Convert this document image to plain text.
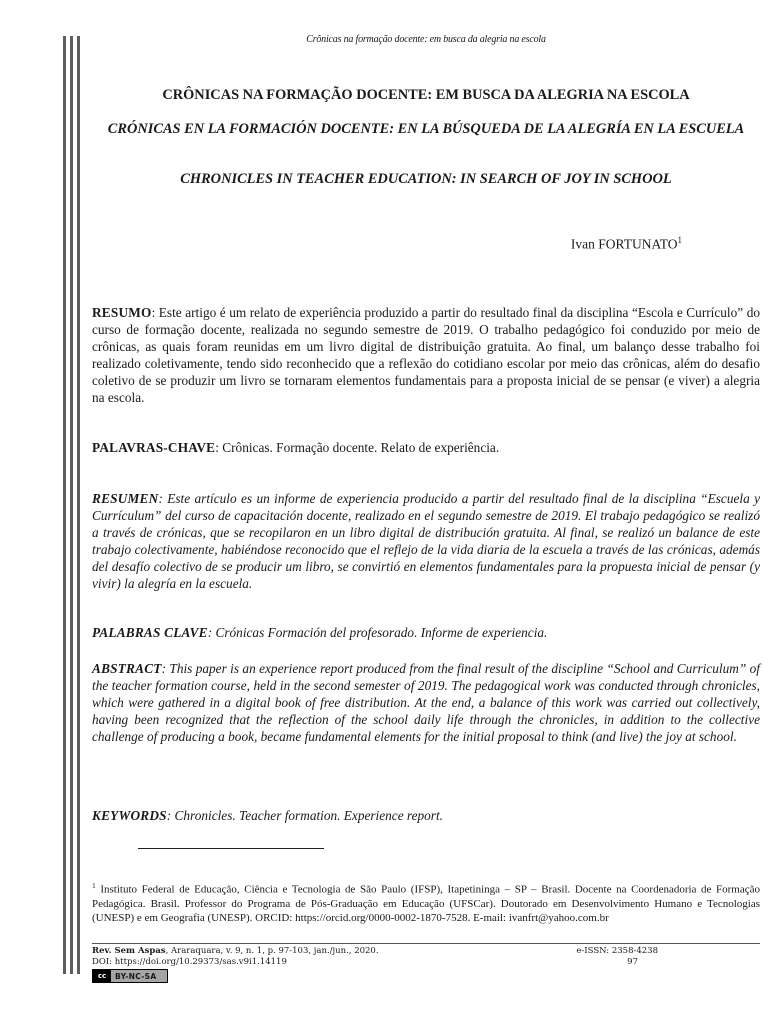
Crônicas na formação docente: em busca da alegria na escola
CRÔNICAS NA FORMAÇÃO DOCENTE: EM BUSCA DA ALEGRIA NA ESCOLA
CRÓNICAS EN LA FORMACIÓN DOCENTE: EN LA BÚSQUEDA DE LA ALEGRÍA EN LA ESCUELA
CHRONICLES IN TEACHER EDUCATION: IN SEARCH OF JOY IN SCHOOL
Ivan FORTUNATO$^1$
RESUMO: Este artigo é um relato de experiência produzido a partir do resultado final da disciplina “Escola e Currículo” do curso de formação docente, realizada no segundo semestre de 2019. O trabalho pedagógico foi conduzido por meio de crônicas, as quais foram reunidas em um livro digital de distribuição gratuita. Ao final, um balanço desse trabalho foi realizado coletivamente, tendo sido reconhecido que a reflexão do cotidiano escolar por meio das crônicas, além do desafio coletivo de se produzir um livro se tornaram elementos fundamentais para a proposta inicial de se pensar (e viver) a alegria na escola.
PALAVRAS-CHAVE: Crônicas. Formação docente. Relato de experiência.
RESUMEN: Este artículo es un informe de experiencia producido a partir del resultado final de la disciplina “Escuela y Currículum” del curso de capacitación docente, realizado en el segundo semestre de 2019. El trabajo pedagógico se realizó a través de crónicas, que se recopilaron en un libro digital de distribución gratuita. Al final, se realizó un balance de este trabajo colectivamente, habiéndose reconocido que el reflejo de la vida diaria de la escuela a través de las crónicas, además del desafío colectivo de se producir um libro, se convirtió en elementos fundamentales para la propuesta inicial de pensar (y vivir) la alegría en la escuela.
PALABRAS CLAVE: Crónicas Formación del profesorado. Informe de experiencia.
ABSTRACT: This paper is an experience report produced from the final result of the discipline “School and Curriculum” of the teacher formation course, held in the second semester of 2019. The pedagogical work was conducted through chronicles, which were gathered in a digital book of free distribution. At the end, a balance of this work was carried out collectively, having been recognized that the reflection of the school daily life through the chronicles, in addition to the collective challenge of producing a book, became fundamental elements for the initial proposal to think (and live) the joy at school.
KEYWORDS: Chronicles. Teacher formation. Experience report.
$^1$ Instituto Federal de Educação, Ciência e Tecnologia de São Paulo (IFSP), Itapetininga – SP – Brasil. Docente na Coordenadoria de Formação Pedagógica. Brasil. Professor do Programa de Pós-Graduação em Educação (UFSCar). Doutorado em Desenvolvimento Humano e Tecnologias (UNESP) e em Geografia (UNESP). ORCID: https://orcid.org/0000-0002-1870-7528. E-mail: ivanfrt@yahoo.com.br
Rev. Sem Aspas, Araraquara, v. 9, n. 1, p. 97-103, jan./jun., 2020.
DOI: https://doi.org/10.29373/sas.v9i1.14119
e-ISSN: 2358-4238
97
cc	BY-NC-SA
